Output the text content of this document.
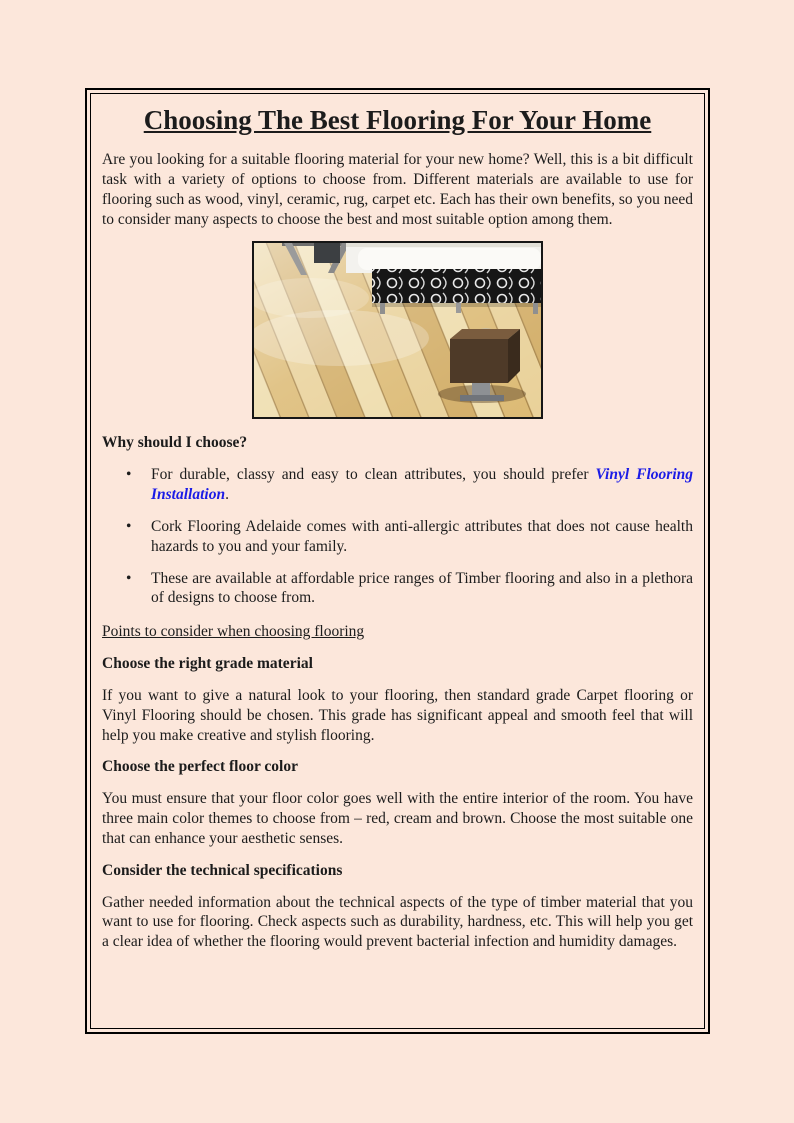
Choosing The Best Flooring For Your Home

Are you looking for a suitable flooring material for your new home? Well, this is a bit difficult task with a variety of options to choose from. Different materials are available to use for flooring such as wood, vinyl, ceramic, rug, carpet etc. Each has their own benefits, so you need to consider many aspects to choose the best and most suitable option among them.

Why should I choose?
•	For durable, classy and easy to clean attributes, you should prefer Vinyl Flooring Installation.
•	Cork Flooring Adelaide comes with anti-allergic attributes that does not cause health hazards to you and your family.
•	These are available at affordable price ranges of Timber flooring and also in a plethora of designs to choose from.

Points to consider when choosing flooring

Choose the right grade material

If you want to give a natural look to your flooring, then standard grade Carpet flooring or Vinyl Flooring should be chosen. This grade has significant appeal and smooth feel that will help you make creative and stylish flooring.

Choose the perfect floor color

You must ensure that your floor color goes well with the entire interior of the room. You have three main color themes to choose from – red, cream and brown. Choose the most suitable one that can enhance your aesthetic senses.

Consider the technical specifications

Gather needed information about the technical aspects of the type of timber material that you want to use for flooring. Check aspects such as durability, hardness, etc. This will help you get a clear idea of whether the flooring would prevent bacterial infection and humidity damages.
